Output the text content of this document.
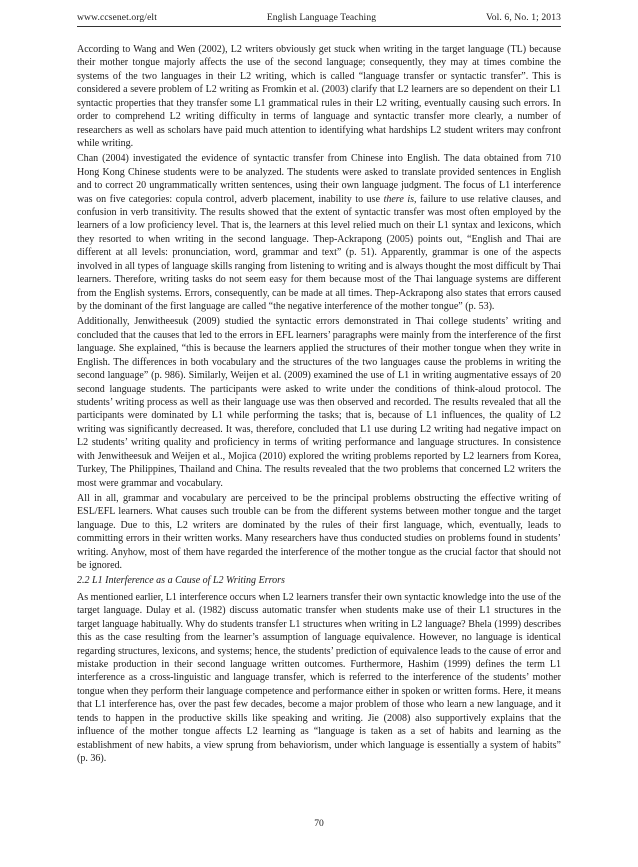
www.ccsenet.org/elt	English Language Teaching	Vol. 6, No. 1; 2013

According to Wang and Wen (2002), L2 writers obviously get stuck when writing in the target language (TL) because their mother tongue majorly affects the use of the second language; consequently, they may at times combine the systems of the two languages in their L2 writing, which is called “language transfer or syntactic transfer”. This is considered a severe problem of L2 writing as Fromkin et al. (2003) clarify that L2 learners are so dependent on their L1 syntactic properties that they transfer some L1 grammatical rules in their L2 writing, eventually causing such errors. In order to comprehend L2 writing difficulty in terms of language and syntactic transfer more clearly, a number of researchers as well as scholars have paid much attention to identifying what hardships L2 student writers may confront while writing.

Chan (2004) investigated the evidence of syntactic transfer from Chinese into English. The data obtained from 710 Hong Kong Chinese students were to be analyzed. The students were asked to translate provided sentences in English and to correct 20 ungrammatically written sentences, using their own language judgment. The focus of L1 interference was on five categories: copula control, adverb placement, inability to use there is, failure to use relative clauses, and confusion in verb transitivity. The results showed that the extent of syntactic transfer was most often employed by the learners of a low proficiency level. That is, the learners at this level relied much on their L1 syntax and lexicons, which they resorted to when writing in the second language. Thep-Ackrapong (2005) points out, “English and Thai are different at all levels: pronunciation, word, grammar and text” (p. 51). Apparently, grammar is one of the aspects involved in all types of language skills ranging from listening to writing and is always thought the most difficult by Thai learners. Therefore, writing tasks do not seem easy for them because most of the Thai language systems are different from the English systems. Errors, consequently, can be made at all times. Thep-Ackrapong also states that errors caused by the dominant of the first language are called “the negative interference of the mother tongue” (p. 53).

Additionally, Jenwitheesuk (2009) studied the syntactic errors demonstrated in Thai college students’ writing and concluded that the causes that led to the errors in EFL learners’ paragraphs were mainly from the interference of the first language. She explained, “this is because the learners applied the structures of their mother tongue when they write in English. The differences in both vocabulary and the structures of the two languages cause the problems in writing the second language” (p. 986). Similarly, Weijen et al. (2009) examined the use of L1 in writing augmentative essays of 20 second language students. The participants were asked to write under the conditions of think-aloud protocol. The students’ writing process as well as their language use was then observed and recorded. The results revealed that all the participants were dominated by L1 while performing the tasks; that is, because of L1 influences, the quality of L2 writing was significantly decreased. It was, therefore, concluded that L1 use during L2 writing had negative impact on L2 students’ writing quality and proficiency in terms of writing performance and language structures. In consistence with Jenwitheesuk and Weijen et al., Mojica (2010) explored the writing problems reported by L2 learners from Korea, Turkey, The Philippines, Thailand and China. The results revealed that the two problems that concerned L2 writers the most were grammar and vocabulary.

All in all, grammar and vocabulary are perceived to be the principal problems obstructing the effective writing of ESL/EFL learners. What causes such trouble can be from the different systems between mother tongue and the target language. Due to this, L2 writers are dominated by the rules of their first language, which, eventually, leads to committing errors in their written works. Many researchers have thus conducted studies on problems found in students’ writing. Anyhow, most of them have regarded the interference of the mother tongue as the crucial factor that should not be ignored.

2.2 L1 Interference as a Cause of L2 Writing Errors

As mentioned earlier, L1 interference occurs when L2 learners transfer their own syntactic knowledge into the use of the target language. Dulay et al. (1982) discuss automatic transfer when students make use of their L1 structures in the target language habitually. Why do students transfer L1 structures when writing in L2 language? Bhela (1999) describes this as the case resulting from the learner’s assumption of language equivalence. However, no language is identical regarding structures, lexicons, and systems; hence, the students’ prediction of equivalence leads to the cause of error and mistake production in their second language written outcomes. Furthermore, Hashim (1999) defines the term L1 interference as a cross-linguistic and language transfer, which is referred to the interference of the students’ mother tongue when they perform their language competence and performance either in spoken or written forms. Here, it means that L1 interference has, over the past few decades, become a major problem of those who learn a new language, and it tends to happen in the productive skills like speaking and writing. Jie (2008) also supportively explains that the influence of the mother tongue affects L2 learning as “language is taken as a set of habits and learning as the establishment of new habits, a view sprung from behaviorism, under which language is essentially a system of habits” (p. 36).

70
